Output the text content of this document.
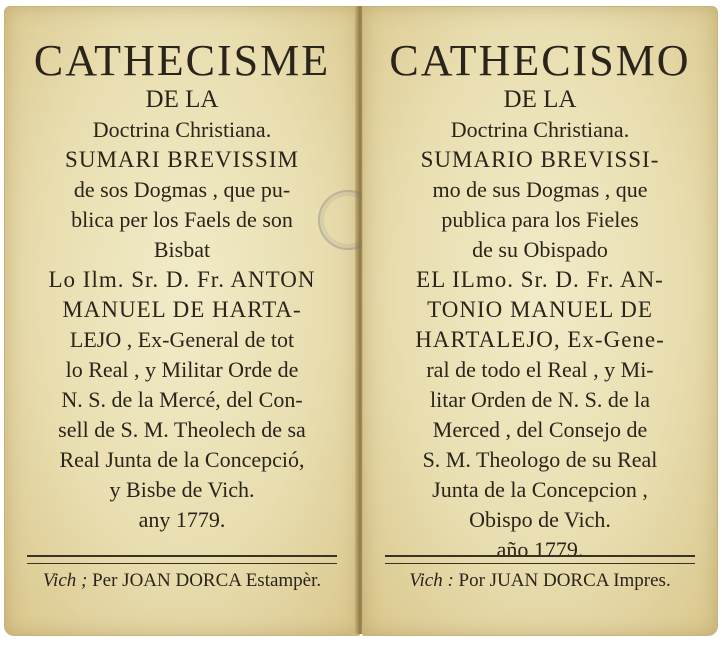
CATHECISME

DE LA

Doctrina Christiana.

SUMARI BREVISSIM

de sos Dogmas , que pu-

blica per los Faels de son

Bisbat

Lo Ilm. Sr. D. Fr. ANTON

MANUEL DE HARTA-

LEJO , Ex-General de tot

lo Real , y Militar Orde de

N. S. de la Mercé, del Con-

sell de S. M. Theolech de sa

Real Junta de la Concepció,

y Bisbe de Vich.

any 1779.

Vich ; Per JOAN DORCA Estampèr.

CATHECISMO

DE LA

Doctrina Christiana.

SUMARIO BREVISSI-

mo de sus Dogmas , que

publica para los Fieles

de su Obispado

EL ILmo. Sr. D. Fr. AN-

TONIO MANUEL DE

HARTALEJO, Ex-Gene-

ral de todo el Real , y Mi-

litar Orden de N. S. de la

Merced , del Consejo de

S. M. Theologo de su Real

Junta de la Concepcion ,

Obispo de Vich.

año 1779.

Vich : Por JUAN DORCA Impres.
